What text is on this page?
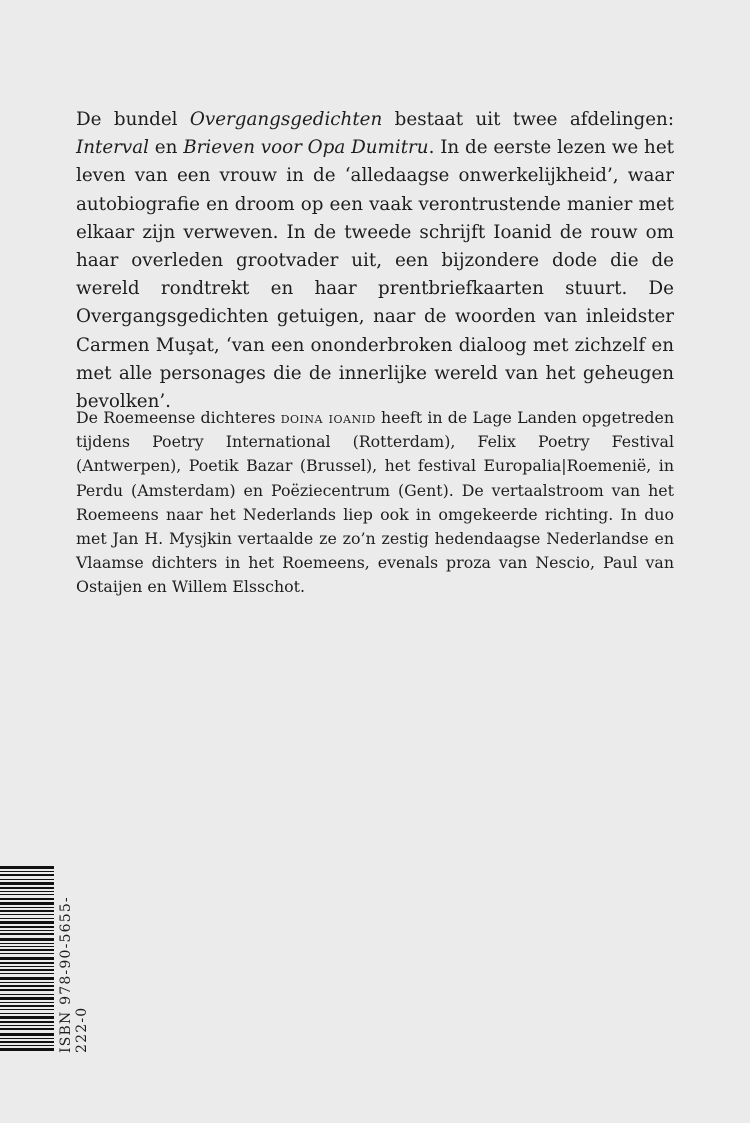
De bundel Overgangsgedichten bestaat uit twee afdelingen: Interval en Brieven voor Opa Dumitru. In de eerste lezen we het leven van een vrouw in de ‘alledaagse onwerkelijkheid’, waar autobiografie en droom op een vaak verontrustende manier met elkaar zijn verweven. In de tweede schrijft Ioanid de rouw om haar overleden grootvader uit, een bijzondere dode die de wereld rondtrekt en haar prentbriefkaarten stuurt. De Overgangsgedichten getuigen, naar de woorden van inleidster Carmen Muşat, ‘van een ononderbroken dialoog met zichzelf en met alle personages die de innerlijke wereld van het geheugen bevolken’.

De Roemeense dichteres doina ioanid heeft in de Lage Landen opgetreden tijdens Poetry International (Rotterdam), Felix Poetry Festival (Antwerpen), Poetik Bazar (Brussel), het festival Europalia|Roemenië, in Perdu (Amsterdam) en Poëziecentrum (Gent). De vertaalstroom van het Roemeens naar het Nederlands liep ook in omgekeerde richting. In duo met Jan H. Mysjkin vertaalde ze zo’n zestig hedendaagse Nederlandse en Vlaamse dichters in het Roemeens, evenals proza van Nescio, Paul van Ostaijen en Willem Elsschot.

ISBN 978-90-5655-222-0
